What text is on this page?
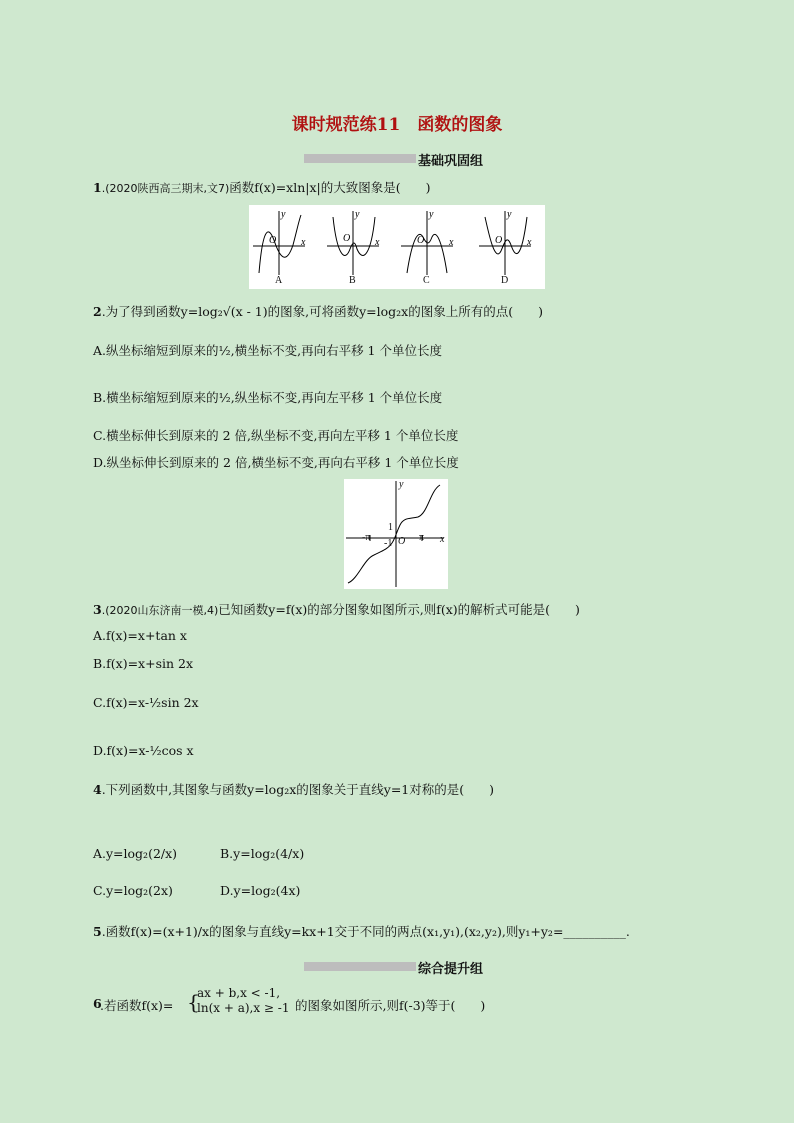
课时规范练11　函数的图象
基础巩固组
1.(2020陕西高三期末,文7)函数f(x)=xln|x|的大致图象是(　　)
y
x
O
y
x
O
y
x
O
y
x
O
A	B	C	D
2.为了得到函数y=log₂√(x - 1)的图象,可将函数y=log₂x的图象上所有的点(　　)
A.纵坐标缩短到原来的½,横坐标不变,再向右平移 1 个单位长度
B.横坐标缩短到原来的½,纵坐标不变,再向左平移 1 个单位长度
C.横坐标伸长到原来的 2 倍,纵坐标不变,再向左平移 1 个单位长度
D.纵坐标伸长到原来的 2 倍,横坐标不变,再向右平移 1 个单位长度
y
x
-π	π
1
-1 O
3.(2020山东济南一模,4)已知函数y=f(x)的部分图象如图所示,则f(x)的解析式可能是(　　)
A.f(x)=x+tan x
B.f(x)=x+sin 2x
C.f(x)=x-½sin 2x
D.f(x)=x-½cos x
4.下列函数中,其图象与函数y=log₂x的图象关于直线y=1对称的是(　　)
A.y=log₂(2/x)	B.y=log₂(4/x)
C.y=log₂(2x)	D.y=log₂(4x)
5.函数f(x)=(x+1)/x的图象与直线y=kx+1交于不同的两点(x₁,y₁),(x₂,y₂),则y₁+y₂=__________.
综合提升组
6
.若函数f(x)= {
ax + b,x < -1,
ln(x + a),x ≥ -1 的图象如图所示,则f(-3)等于(　　)
